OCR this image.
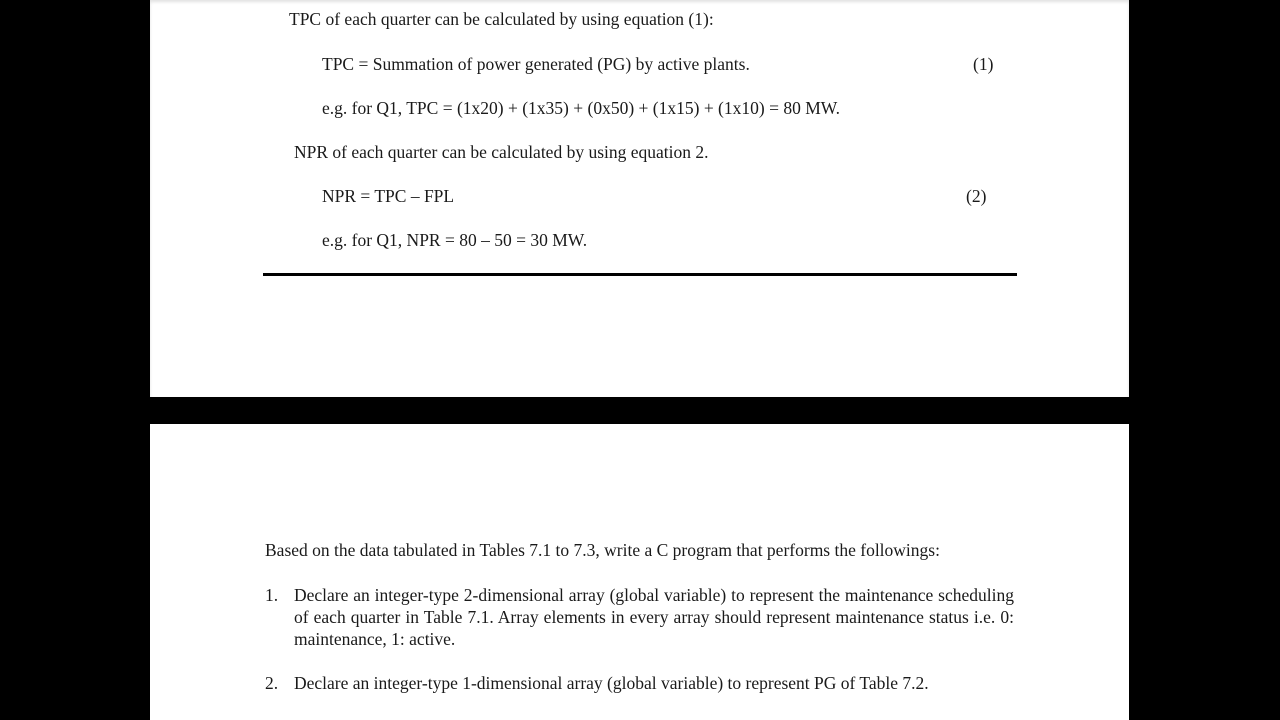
TPC of each quarter can be calculated by using equation (1):
TPC = Summation of power generated (PG) by active plants.	(1)
e.g. for Q1, TPC = (1x20) + (1x35) + (0x50) + (1x15) + (1x10) = 80 MW.
NPR of each quarter can be calculated by using equation 2.
NPR = TPC – FPL	(2)
e.g. for Q1, NPR = 80 – 50 = 30 MW.
Based on the data tabulated in Tables 7.1 to 7.3, write a C program that performs the followings:
1. Declare an integer-type 2-dimensional array (global variable) to represent the maintenance scheduling of each quarter in Table 7.1. Array elements in every array should represent maintenance status i.e. 0: maintenance, 1: active.
2. Declare an integer-type 1-dimensional array (global variable) to represent PG of Table 7.2.
